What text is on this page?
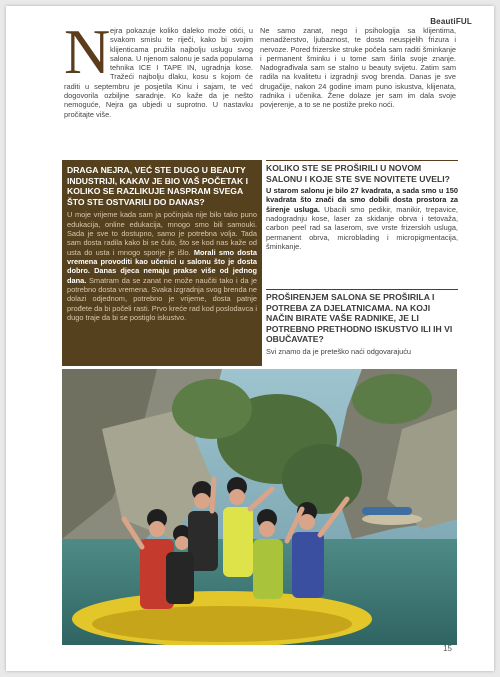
BeautiFUL
Nejra pokazuje koliko daleko može otići, u svakom smislu te riječi, kako bi svojim klijenticama pružila najbolju uslugu svog salona. U njenom salonu je sada popularna tehnika ICE I TAPE IN, ugradnja kose. Tražeći najbolju dlaku, kosu s kojom će raditi u septembru je posjetila Kinu i sajam, te već dogovorila ozbiljne saradnje. Ko kaže da je nešto nemoguće, Nejra ga ubjedi u suprotno. U nastavku pročitajte više.
Ne samo zanat, nego i psihologija sa klijentima, menadžerstvo, ljubaznost, te dosta neuspjelih frizura i nervoze. Pored frizerske struke počela sam raditi šminkanje i permanent šminku i u tome sam širila svoje znanje. Nadograđivala sam se stalno u beauty svijetu. Zatim sam radila na kvalitetu i izgradnji svog brenda. Danas je sve drugačije, nakon 24 godine imam puno iskustva, klijenata, radnika i učenika. Žene dolaze jer sam im dala svoje povjerenje, a to se ne postiže preko noći.
DRAGA NEJRA, VEĆ STE DUGO U BEAUTY INDUSTRIJI, KAKAV JE BIO VAŠ POČETAK I KOLIKO SE RAZLIKUJE NASPRAM SVEGA ŠTO STE OSTVARILI DO DANAS?
U moje vrijeme kada sam ja počinjala nije bilo tako puno edukacija, online edukacija, mnogo smo bili samouki. Sada je sve to dostupno, samo je potrebna volja. Tada sam dosta radila kako bi se čulo, što se kod nas kaže od usta do usta i mnogo sporije je išlo. Morali smo dosta vremena provoditi kao učenici u salonu što je dosta dobro. Danas djeca nemaju prakse više od jednog dana. Smatram da se zanat ne može naučiti tako i da je potrebno dosta vremena. Svaka izgradnja svog brenda ne dolazi odjednom, potrebno je vrijeme, dosta patnje prođete da bi počeli rasti. Prvo kreće rad kod poslodavca i dugo traje da bi se postiglo iskustvo.
KOLIKO STE SE PROŠIRILI U NOVOM SALONU I KOJE STE SVE NOVITETE UVELI?
U starom salonu je bilo 27 kvadrata, a sada smo u 150 kvadrata što znači da smo dobili dosta prostora za širenje usluga. Ubacili smo pedikir, manikir, trepavice, nadogradnju kose, laser za skidanje obrva i tetovaža, carbon peel rad sa laserom, sve vrste frizerskih usluga, permanent obrva, microblading i micropigmentacija, šminkanje.
PROŠIRENJEM SALONA SE PROŠIRILA I POTREBA ZA DJELATNICAMA. NA KOJI NAČIN BIRATE VAŠE RADNIKE, JE LI POTREBNO PRETHODNO ISKUSTVO ILI IH VI OBUČAVATE?
Svi znamo da je preteško naći odgovarajuću
15
